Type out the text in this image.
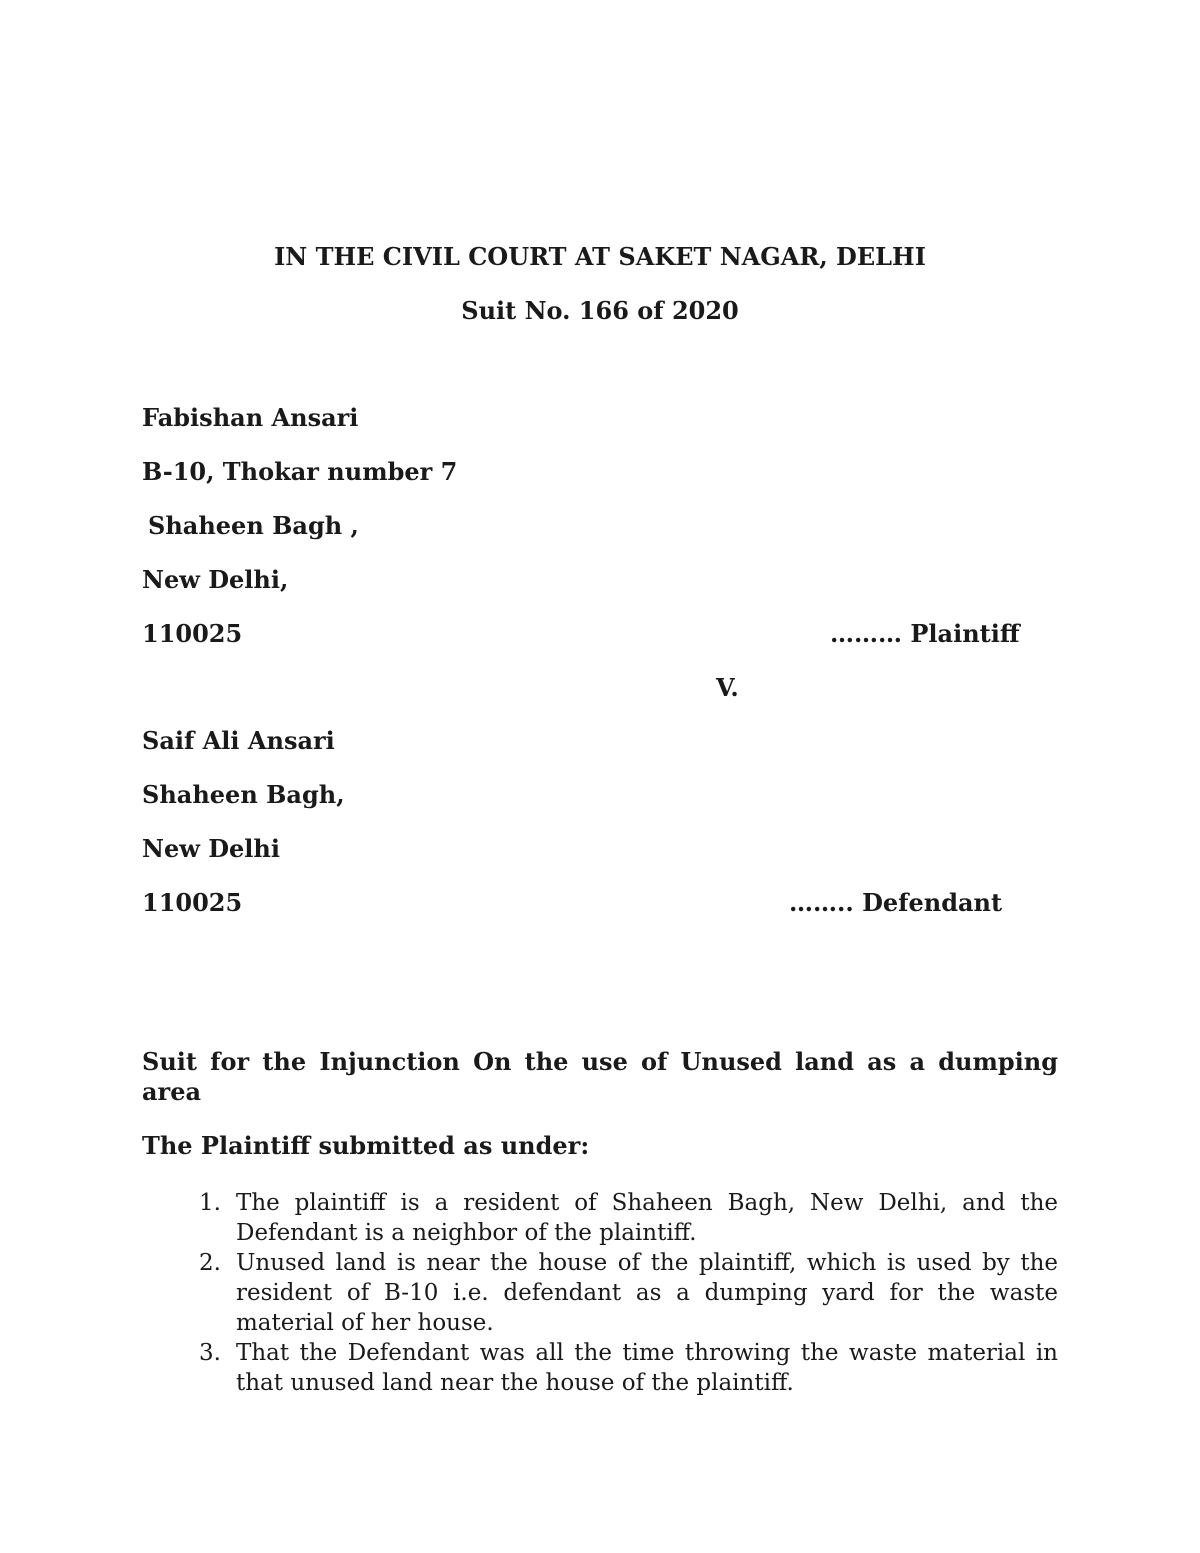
IN THE CIVIL COURT AT SAKET NAGAR, DELHI
Suit No. 166 of 2020
Fabishan Ansari
B-10, Thokar number 7
Shaheen Bagh ,
New Delhi,
110025	……… Plaintiff
V.
Saif Ali Ansari
Shaheen Bagh,
New Delhi
110025	…….. Defendant
Suit for the Injunction On the use of Unused land as a dumping area
The Plaintiff submitted as under:
1. The plaintiff is a resident of Shaheen Bagh, New Delhi, and the Defendant is a neighbor of the plaintiff.
2. Unused land is near the house of the plaintiff, which is used by the resident of B-10 i.e. defendant as a dumping yard for the waste material of her house.
3. That the Defendant was all the time throwing the waste material in that unused land near the house of the plaintiff.
